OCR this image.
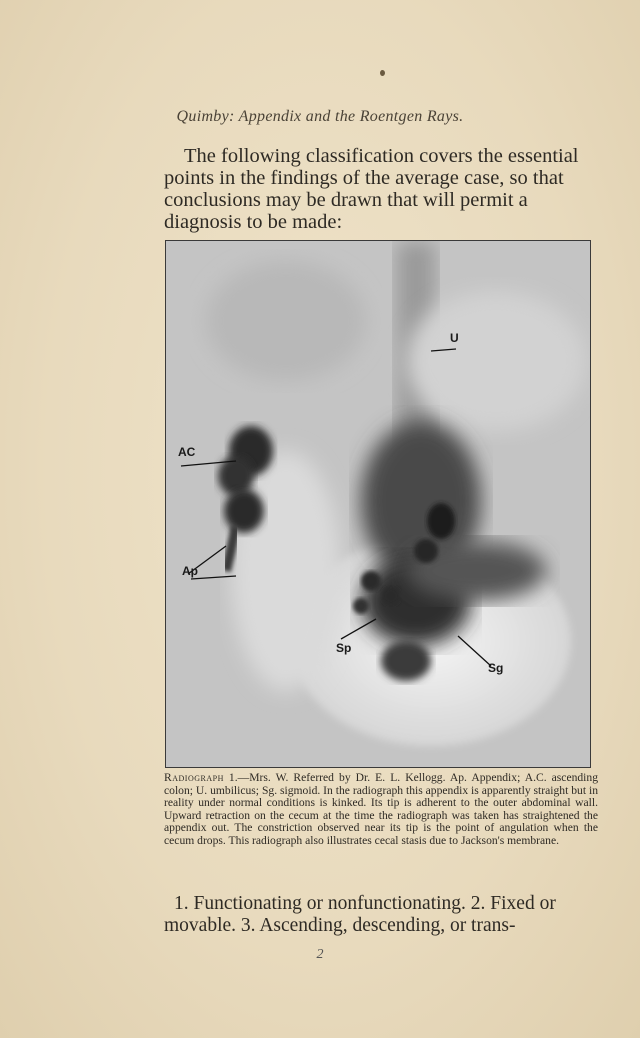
Quimby: Appendix and the Roentgen Rays.

The following classification covers the essential points in the findings of the average case, so that conclusions may be drawn that will permit a diagnosis to be made:

U
AC
Ap
Sp
Sg
Radiograph 1.—Mrs. W. Referred by Dr. E. L. Kellogg. Ap. Appendix; A.C. ascending colon; U. umbilicus; Sg. sigmoid. In the radiograph this appendix is apparently straight but in reality under normal conditions is kinked. Its tip is adherent to the outer abdominal wall. Upward retraction on the cecum at the time the radiograph was taken has straightened the appendix out. The constriction observed near its tip is the point of angulation when the cecum drops. This radiograph also illustrates cecal stasis due to Jackson's membrane.

1. Functionating or nonfunctionating. 2. Fixed or movable. 3. Ascending, descending, or trans-

2
